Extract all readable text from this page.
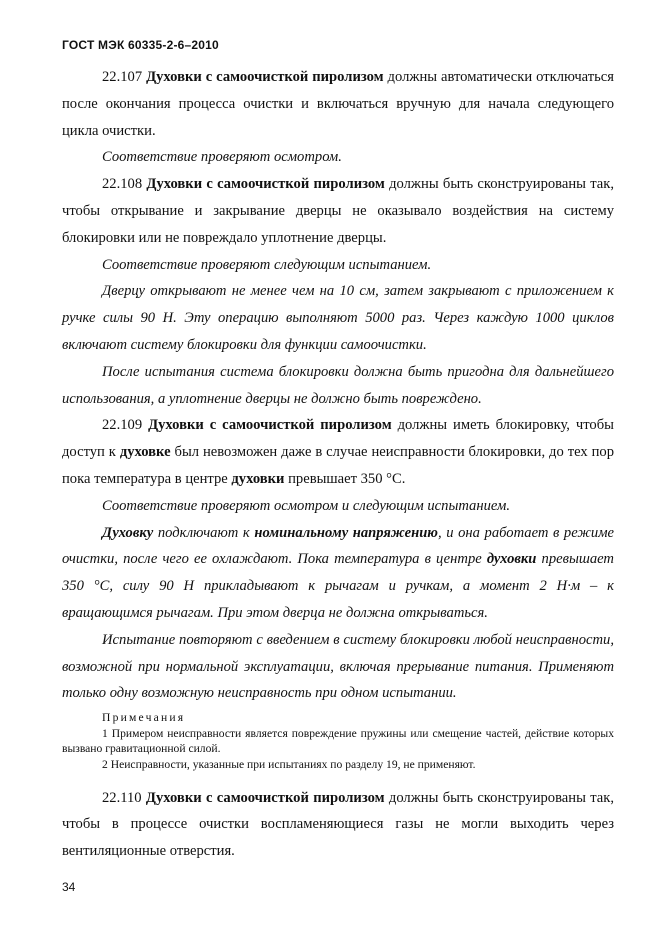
ГОСТ МЭК 60335-2-6–2010

22.107 Духовки с самоочисткой пиролизом должны автоматически отключаться после окончания процесса очистки и включаться вручную для начала следующего цикла очистки.

Соответствие проверяют осмотром.

22.108 Духовки с самоочисткой пиролизом должны быть сконструированы так, чтобы открывание и закрывание дверцы не оказывало воздействия на систему блокировки или не повреждало уплотнение дверцы.

Соответствие проверяют следующим испытанием.

Дверцу открывают не менее чем на 10 см, затем закрывают с приложением к ручке силы 90 Н. Эту операцию выполняют 5000 раз. Через каждую 1000 циклов включают систему блокировки для функции самоочистки.

После испытания система блокировки должна быть пригодна для дальнейшего использования, а уплотнение дверцы не должно быть повреждено.

22.109 Духовки с самоочисткой пиролизом должны иметь блокировку, чтобы доступ к духовке был невозможен даже в случае неисправности блокировки, до тех пор пока температура в центре духовки превышает 350 °С.

Соответствие проверяют осмотром и следующим испытанием.

Духовку подключают к номинальному напряжению, и она работает в режиме очистки, после чего ее охлаждают. Пока температура в центре духовки превышает 350 °С, силу 90 Н прикладывают к рычагам и ручкам, а момент 2 Н·м – к вращающимся рычагам. При этом дверца не должна открываться.

Испытание повторяют с введением в систему блокировки любой неисправности, возможной при нормальной эксплуатации, включая прерывание питания. Применяют только одну возможную неисправность при одном испытании.

Примечания

1 Примером неисправности является повреждение пружины или смещение частей, действие которых вызвано гравитационной силой.

2 Неисправности, указанные при испытаниях по разделу 19, не применяют.

22.110 Духовки с самоочисткой пиролизом должны быть сконструированы так, чтобы в процессе очистки воспламеняющиеся газы не могли выходить через вентиляционные отверстия.

34
